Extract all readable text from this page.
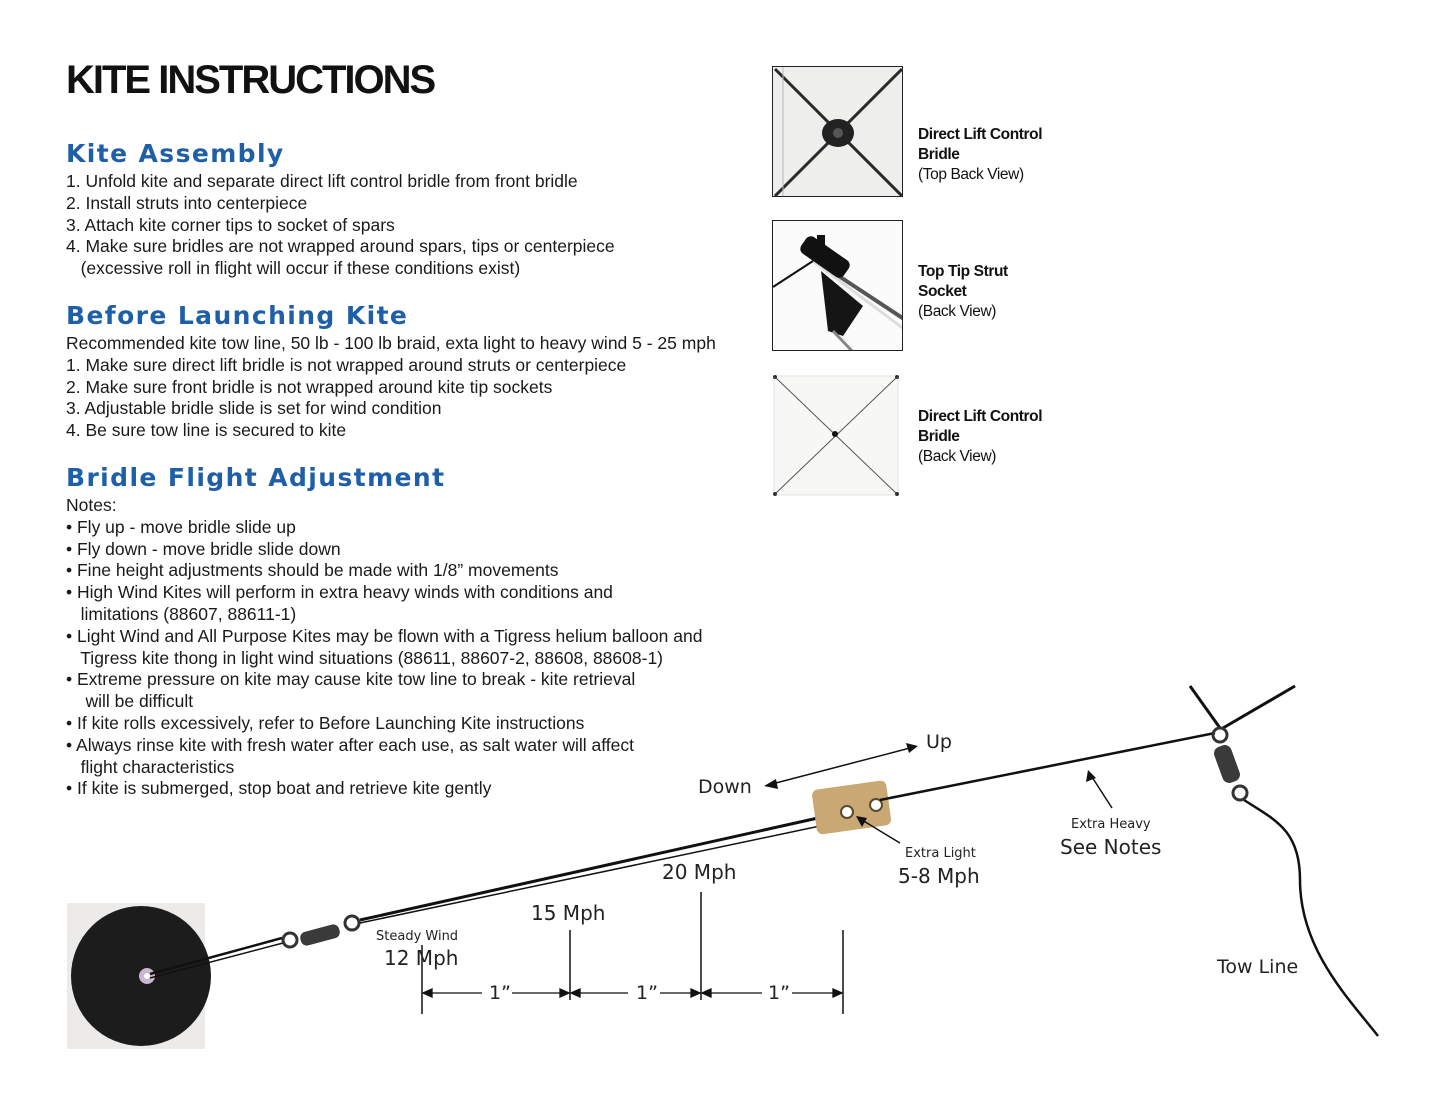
KITE INSTRUCTIONS
Kite Assembly
1. Unfold kite and separate direct lift control bridle from front bridle
2. Install struts into centerpiece
3. Attach kite corner tips to socket of spars
4. Make sure bridles are not wrapped around spars, tips or centerpiece
(excessive roll in flight will occur if these conditions exist)
Before Launching Kite
Recommended kite tow line, 50 lb - 100 lb braid, exta light to heavy wind 5 - 25 mph
1. Make sure direct lift bridle is not wrapped around struts or centerpiece
2. Make sure front bridle is not wrapped around kite tip sockets
3. Adjustable bridle slide is set for wind condition
4. Be sure tow line is secured to kite
Bridle Flight Adjustment
Notes:
• Fly up - move bridle slide up
• Fly down - move bridle slide down
• Fine height adjustments should be made with 1/8” movements
• High Wind Kites will perform in extra heavy winds with conditions and
limitations (88607, 88611-1)
• Light Wind and All Purpose Kites may be flown with a Tigress helium balloon and
Tigress kite thong in light wind situations (88611, 88607-2, 88608, 88608-1)
• Extreme pressure on kite may cause kite tow line to break - kite retrieval
will be difficult
• If kite rolls excessively, refer to Before Launching Kite instructions
• Always rinse kite with fresh water after each use, as salt water will affect
flight characteristics
• If kite is submerged, stop boat and retrieve kite gently
Direct Lift Control
Bridle
(Top Back View)
Top Tip Strut
Socket
(Back View)
Direct Lift Control
Bridle
(Back View)
Up
Down
Extra Heavy
See Notes
Extra Light
5-8 Mph
20 Mph
15 Mph
Steady Wind
12 Mph	Tow Line
1”	1”	1”
